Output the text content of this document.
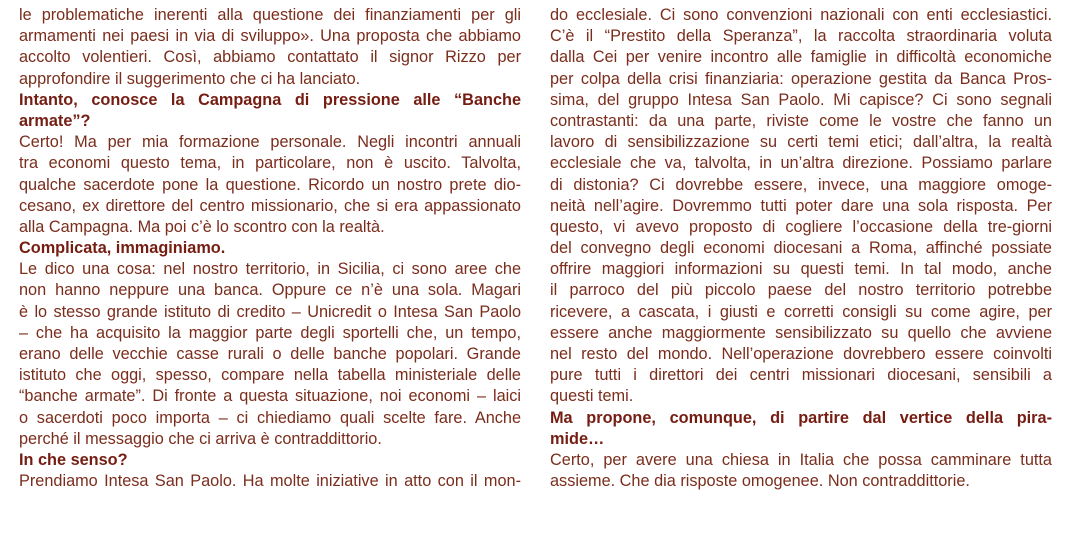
le problematiche inerenti alla questione dei finanziamenti per gli
armamenti nei paesi in via di sviluppo». Una proposta che abbiamo
accolto volentieri. Così, abbiamo contattato il signor Rizzo per
approfondire il suggerimento che ci ha lanciato.
Intanto, conosce la Campagna di pressione alle “Banche
armate”?
Certo! Ma per mia formazione personale. Negli incontri annuali
tra economi questo tema, in particolare, non è uscito. Talvolta,
qualche sacerdote pone la questione. Ricordo un nostro prete dio-
cesano, ex direttore del centro missionario, che si era appassionato
alla Campagna. Ma poi c’è lo scontro con la realtà.
Complicata, immaginiamo.
Le dico una cosa: nel nostro territorio, in Sicilia, ci sono aree che
non hanno neppure una banca. Oppure ce n’è una sola. Magari
è lo stesso grande istituto di credito – Unicredit o Intesa San Paolo
– che ha acquisito la maggior parte degli sportelli che, un tempo,
erano delle vecchie casse rurali o delle banche popolari. Grande
istituto che oggi, spesso, compare nella tabella ministeriale delle
“banche armate”. Di fronte a questa situazione, noi economi – laici
o sacerdoti poco importa – ci chiediamo quali scelte fare. Anche
perché il messaggio che ci arriva è contraddittorio.
In che senso?
Prendiamo Intesa San Paolo. Ha molte iniziative in atto con il mon-
do ecclesiale. Ci sono convenzioni nazionali con enti ecclesiastici.
C’è il “Prestito della Speranza”, la raccolta straordinaria voluta
dalla Cei per venire incontro alle famiglie in difficoltà economiche
per colpa della crisi finanziaria: operazione gestita da Banca Pros-
sima, del gruppo Intesa San Paolo. Mi capisce? Ci sono segnali
contrastanti: da una parte, riviste come le vostre che fanno un
lavoro di sensibilizzazione su certi temi etici; dall’altra, la realtà
ecclesiale che va, talvolta, in un’altra direzione. Possiamo parlare
di distonia? Ci dovrebbe essere, invece, una maggiore omoge-
neità nell’agire. Dovremmo tutti poter dare una sola risposta. Per
questo, vi avevo proposto di cogliere l’occasione della tre-giorni
del convegno degli economi diocesani a Roma, affinché possiate
offrire maggiori informazioni su questi temi. In tal modo, anche
il parroco del più piccolo paese del nostro territorio potrebbe
ricevere, a cascata, i giusti e corretti consigli su come agire, per
essere anche maggiormente sensibilizzato su quello che avviene
nel resto del mondo. Nell’operazione dovrebbero essere coinvolti
pure tutti i direttori dei centri missionari diocesani, sensibili a
questi temi.
Ma propone, comunque, di partire dal vertice della pira-
mide…
Certo, per avere una chiesa in Italia che possa camminare tutta
assieme. Che dia risposte omogenee. Non contraddittorie.
